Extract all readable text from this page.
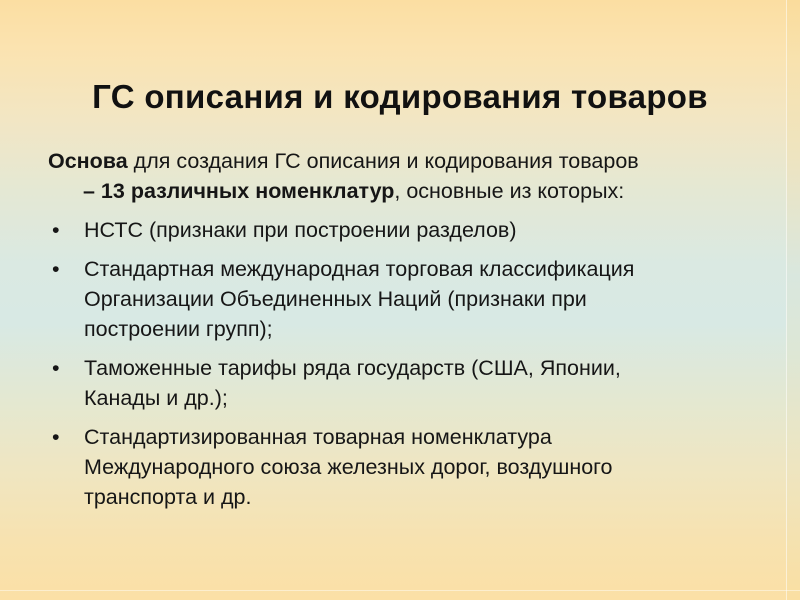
ГС описания и кодирования товаров
Основа для создания ГС описания и кодирования товаров
– 13 различных номенклатур, основные из которых:
• НСТС (признаки при построении разделов)
• Стандартная международная торговая классификация
Организации Объединенных Наций (признаки при
построении групп);
• Таможенные тарифы ряда государств (США, Японии,
Канады и др.);
• Стандартизированная товарная номенклатура
Международного союза железных дорог, воздушного
транспорта и др.
